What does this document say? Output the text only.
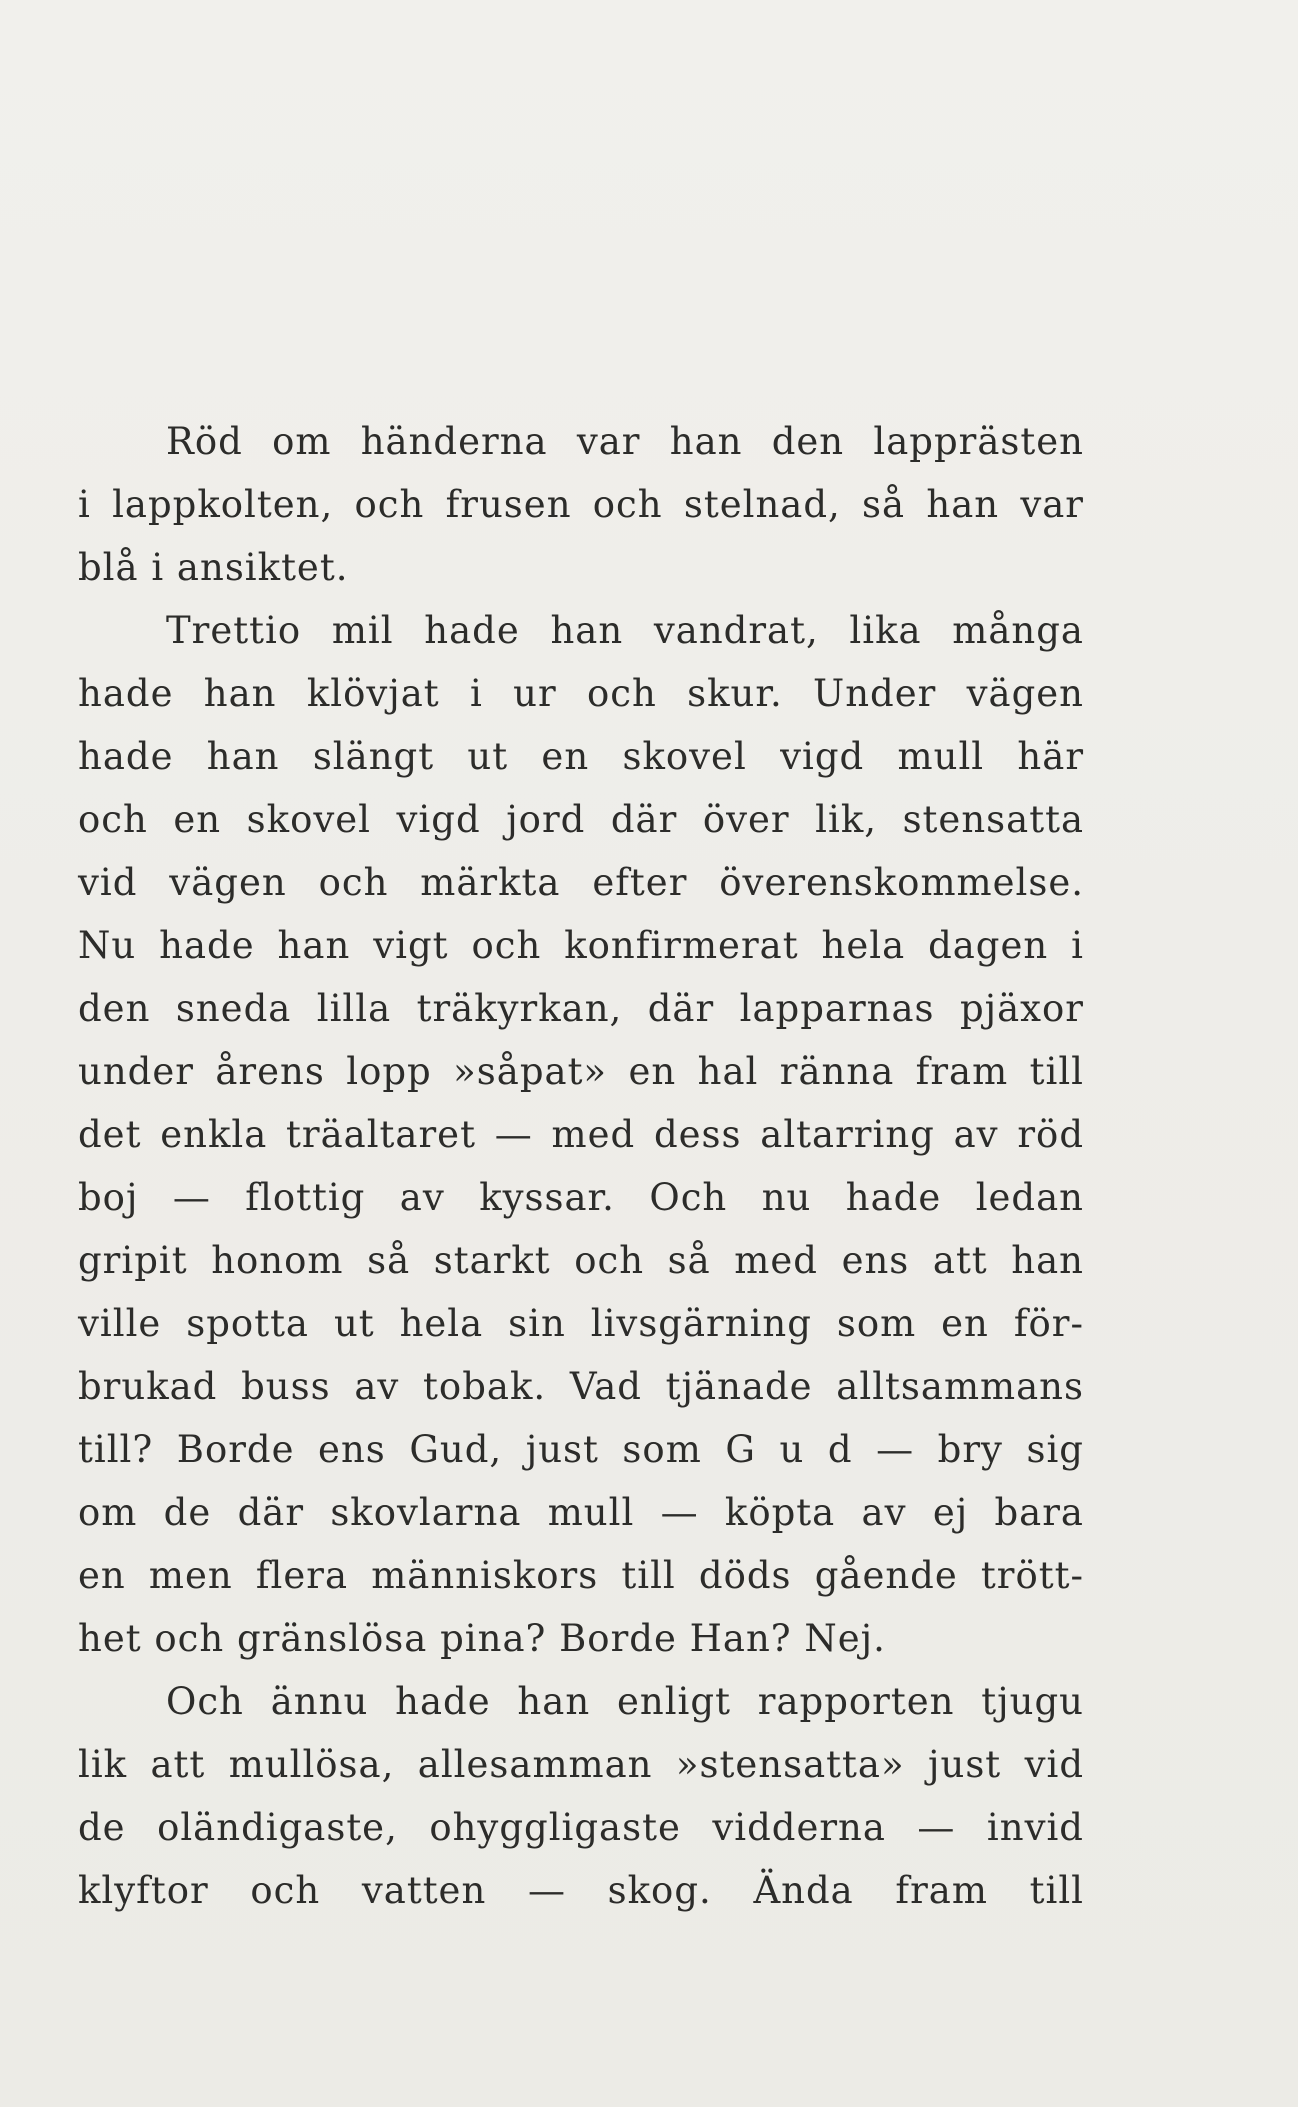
Röd om händerna var han den lapprästen
i lappkolten, och frusen och stelnad, så han var
blå i ansiktet.
Trettio mil hade han vandrat, lika många
hade han klövjat i ur och skur. Under vägen
hade han slängt ut en skovel vigd mull här
och en skovel vigd jord där över lik, stensatta
vid vägen och märkta efter överenskommelse.
Nu hade han vigt och konfirmerat hela dagen i
den sneda lilla träkyrkan, där lapparnas pjäxor
under årens lopp »såpat» en hal ränna fram till
det enkla träaltaret — med dess altarring av röd
boj — flottig av kyssar. Och nu hade ledan
gripit honom så starkt och så med ens att han
ville spotta ut hela sin livsgärning som en för-
brukad buss av tobak. Vad tjänade alltsammans
till? Borde ens Gud, just som G u d — bry sig
om de där skovlarna mull — köpta av ej bara
en men flera människors till döds gående trött-
het och gränslösa pina? Borde Han? Nej.
Och ännu hade han enligt rapporten tjugu
lik att mullösa, allesamman »stensatta» just vid
de oländigaste, ohyggligaste vidderna — invid
klyftor och vatten — skog. Ända fram till
